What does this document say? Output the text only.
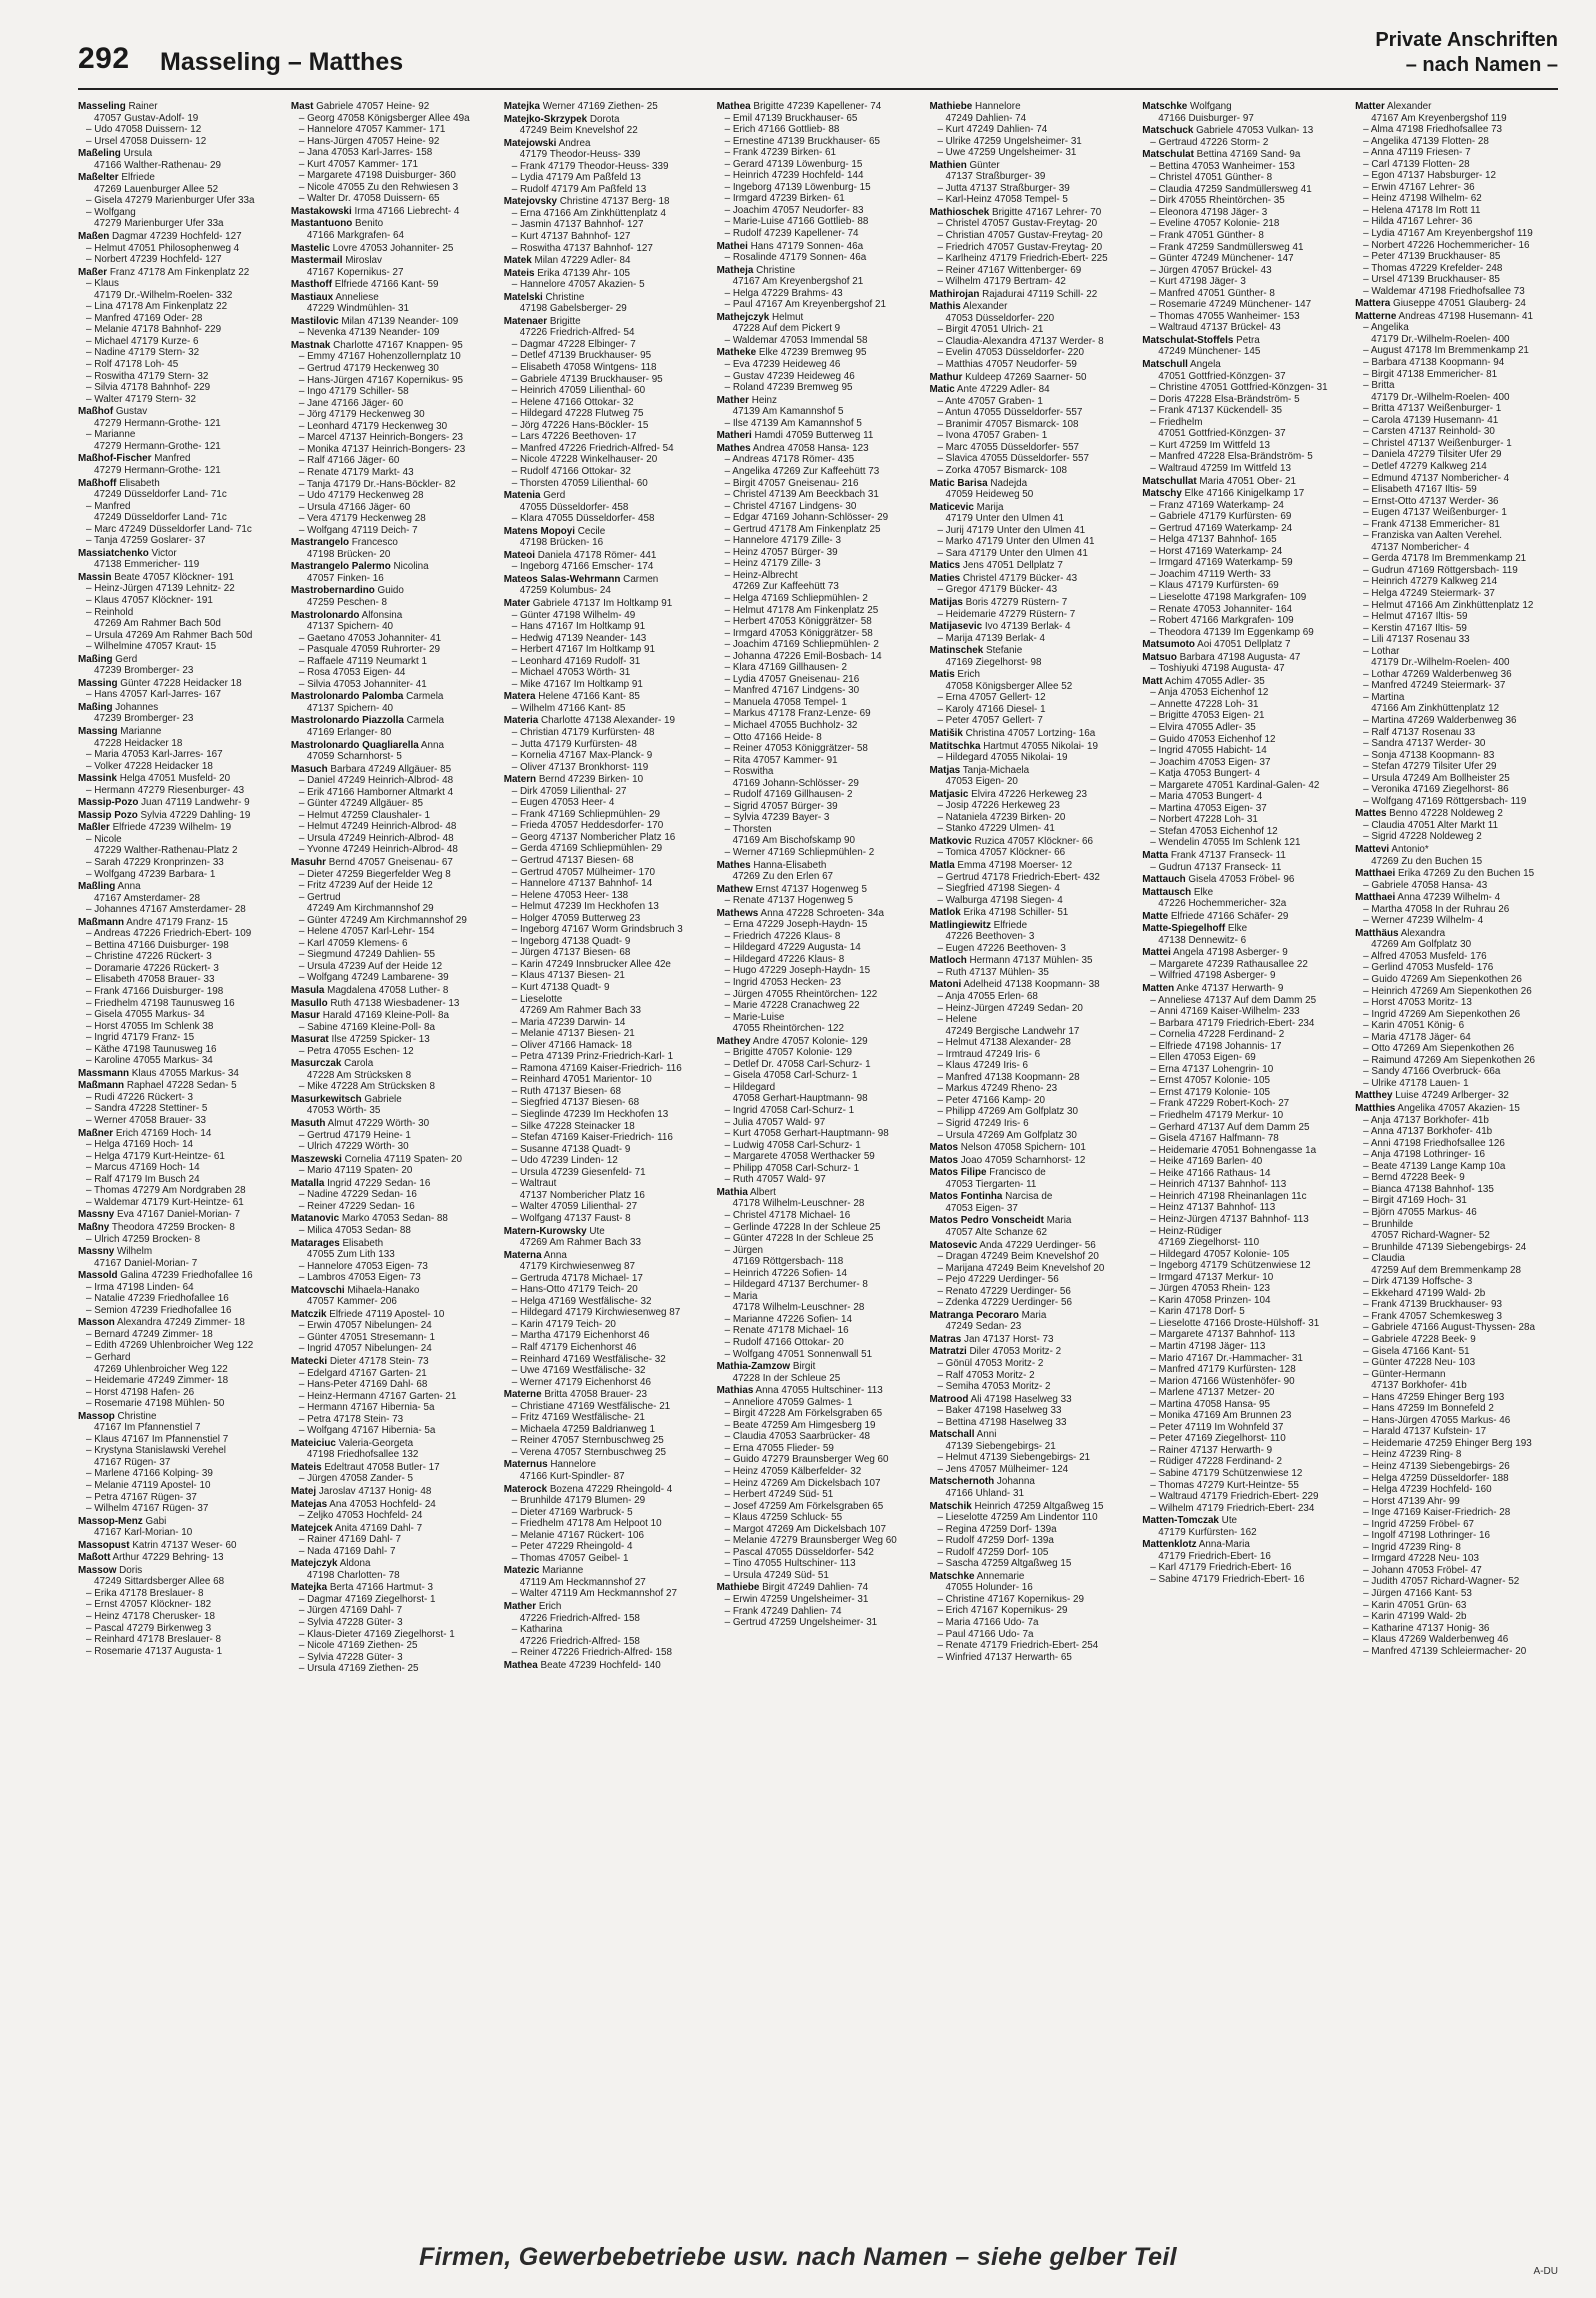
292 Masseling – Matthes
Private Anschriften
– nach Namen –
Masseling Rainer
47057 Gustav-Adolf- 19
– Udo 47058 Duissern- 12
– Ursel 47058 Duissern- 12
Maßeling Ursula
47166 Walther-Rathenau- 29
Maßelter Elfriede
47269 Lauenburger Allee 52
– Gisela 47279 Marienburger Ufer 33a
– Wolfgang
47279 Marienburger Ufer 33a
Maßen Dagmar 47239 Hochfeld- 127
– Helmut 47051 Philosophenweg 4
– Norbert 47239 Hochfeld- 127
Maßer Franz 47178 Am Finkenplatz 22
– Klaus
47179 Dr.-Wilhelm-Roelen- 332
– Lina 47178 Am Finkenplatz 22
– Manfred 47169 Oder- 28
– Melanie 47178 Bahnhof- 229
– Michael 47179 Kurze- 6
– Nadine 47179 Stern- 32
– Rolf 47178 Loh- 45
– Roswitha 47179 Stern- 32
– Silvia 47178 Bahnhof- 229
– Walter 47179 Stern- 32
Maßhof Gustav
47279 Hermann-Grothe- 121
– Marianne
47279 Hermann-Grothe- 121
Maßhof-Fischer Manfred
47279 Hermann-Grothe- 121
Maßhoff Elisabeth
47249 Düsseldorfer Land- 71c
– Manfred
47249 Düsseldorfer Land- 71c
– Marc 47249 Düsseldorfer Land- 71c
– Tanja 47259 Goslarer- 37
Massiatchenko Victor
47138 Emmericher- 119
Massin Beate 47057 Klöckner- 191
– Heinz-Jürgen 47139 Lehnitz- 22
– Klaus 47057 Klöckner- 191
– Reinhold
47269 Am Rahmer Bach 50d
– Ursula 47269 Am Rahmer Bach 50d
– Wilhelmine 47057 Kraut- 15
Maßing Gerd
47239 Bromberger- 23
Massing Günter 47228 Heidacker 18
– Hans 47057 Karl-Jarres- 167
Maßing Johannes
47239 Bromberger- 23
Massing Marianne
47228 Heidacker 18
– Maria 47053 Karl-Jarres- 167
– Volker 47228 Heidacker 18
Massink Helga 47051 Musfeld- 20
– Hermann 47279 Riesenburger- 43
Massip-Pozo Juan 47119 Landwehr- 9
Massip Pozo Sylvia 47229 Dahling- 19
Maßler Elfriede 47239 Wilhelm- 19
– Nicole
47229 Walther-Rathenau-Platz 2
– Sarah 47229 Kronprinzen- 33
– Wolfgang 47239 Barbara- 1
Maßling Anna
47167 Amsterdamer- 28
– Johannes 47167 Amsterdamer- 28
Maßmann Andre 47179 Franz- 15
– Andreas 47226 Friedrich-Ebert- 109
– Bettina 47166 Duisburger- 198
– Christine 47226 Rückert- 3
– Doramarie 47226 Rückert- 3
– Elisabeth 47058 Brauer- 33
– Frank 47166 Duisburger- 198
– Friedhelm 47198 Taunusweg 16
– Gisela 47055 Markus- 34
– Horst 47055 Im Schlenk 38
– Ingrid 47179 Franz- 15
– Käthe 47198 Taunusweg 16
– Karoline 47055 Markus- 34
Massmann Klaus 47055 Markus- 34
Maßmann Raphael 47228 Sedan- 5
– Rudi 47226 Rückert- 3
– Sandra 47228 Stettiner- 5
– Werner 47058 Brauer- 33
Maßner Erich 47169 Hoch- 14
– Helga 47169 Hoch- 14
– Helga 47179 Kurt-Heintze- 61
– Marcus 47169 Hoch- 14
– Ralf 47179 Im Busch 24
– Thomas 47279 Am Nordgraben 28
– Waldemar 47179 Kurt-Heintze- 61
Massny Eva 47167 Daniel-Morian- 7
Maßny Theodora 47259 Brocken- 8
– Ulrich 47259 Brocken- 8
Massny Wilhelm
47167 Daniel-Morian- 7
Massold Galina 47239 Friedhofallee 16
– Irma 47198 Linden- 64
– Natalie 47239 Friedhofallee 16
– Semion 47239 Friedhofallee 16
Masson Alexandra 47249 Zimmer- 18
– Bernard 47249 Zimmer- 18
– Edith 47269 Uhlenbroicher Weg 122
– Gerhard
47269 Uhlenbroicher Weg 122
– Heidemarie 47249 Zimmer- 18
– Horst 47198 Hafen- 26
– Rosemarie 47198 Mühlen- 50
Massop Christine
47167 Im Pfannenstiel 7
– Klaus 47167 Im Pfannenstiel 7
– Krystyna Stanislawski Verehel
47167 Rügen- 37
– Marlene 47166 Kolping- 39
– Melanie 47119 Apostel- 10
– Petra 47167 Rügen- 37
– Wilhelm 47167 Rügen- 37
Massop-Menz Gabi
47167 Karl-Morian- 10
Massopust Katrin 47137 Weser- 60
Maßott Arthur 47229 Behring- 13
Massow Doris
47249 Sittardsberger Allee 68
– Erika 47178 Breslauer- 8
– Ernst 47057 Klöckner- 182
– Heinz 47178 Cherusker- 18
– Pascal 47279 Birkenweg 3
– Reinhard 47178 Breslauer- 8
– Rosemarie 47137 Augusta- 1
Mast Gabriele 47057 Heine- 92
– Georg 47058 Königsberger Allee 49a
– Hannelore 47057 Kammer- 171
– Hans-Jürgen 47057 Heine- 92
– Jana 47053 Karl-Jarres- 158
– Kurt 47057 Kammer- 171
– Margarete 47198 Duisburger- 360
– Nicole 47055 Zu den Rehwiesen 3
– Walter Dr. 47058 Duissern- 65
Mastakowski Irma 47166 Liebrecht- 4
Mastantuono Benito
47166 Markgrafen- 64
Mastelic Lovre 47053 Johanniter- 25
Mastermail Miroslav
47167 Kopernikus- 27
Masthoff Elfriede 47166 Kant- 59
Mastiaux Anneliese
47229 Windmühlen- 31
Mastilovic Milan 47139 Neander- 109
– Nevenka 47139 Neander- 109
Mastnak Charlotte 47167 Knappen- 95
– Emmy 47167 Hohenzollernplatz 10
– Gertrud 47179 Heckenweg 30
– Hans-Jürgen 47167 Kopernikus- 95
– Ingo 47179 Schiller- 58
– Jane 47166 Jäger- 60
– Jörg 47179 Heckenweg 30
– Leonhard 47179 Heckenweg 30
– Marcel 47137 Heinrich-Bongers- 23
– Monika 47137 Heinrich-Bongers- 23
– Ralf 47166 Jäger- 60
– Renate 47179 Markt- 43
– Tanja 47179 Dr.-Hans-Böckler- 82
– Udo 47179 Heckenweg 28
– Ursula 47166 Jäger- 60
– Vera 47179 Heckenweg 28
– Wolfgang 47119 Deich- 7
Mastrangelo Francesco
47198 Brücken- 20
Mastrangelo Palermo Nicolina
47057 Finken- 16
Mastrobernardino Guido
47259 Peschen- 8
Mastrolonardo Alfonsina
47137 Spichern- 40
– Gaetano 47053 Johanniter- 41
– Pasquale 47059 Ruhrorter- 29
– Raffaele 47119 Neumarkt 1
– Rosa 47053 Eigen- 44
– Silvia 47053 Johanniter- 41
Mastrolonardo Palomba Carmela
47137 Spichern- 40
Mastrolonardo Piazzolla Carmela
47169 Erlanger- 80
Mastrolonardo Quagliarella Anna
47059 Scharnhorst- 5
Masuch Barbara 47249 Allgäuer- 85
– Daniel 47249 Heinrich-Albrod- 48
– Erik 47166 Hamborner Altmarkt 4
– Günter 47249 Allgäuer- 85
– Helmut 47259 Claushaler- 1
– Helmut 47249 Heinrich-Albrod- 48
– Ursula 47249 Heinrich-Albrod- 48
– Yvonne 47249 Heinrich-Albrod- 48
Masuhr Bernd 47057 Gneisenau- 67
– Dieter 47259 Biegerfelder Weg 8
– Fritz 47239 Auf der Heide 12
– Gertrud
47249 Am Kirchmannshof 29
– Günter 47249 Am Kirchmannshof 29
– Helene 47057 Karl-Lehr- 154
– Karl 47059 Klemens- 6
– Siegmund 47249 Dahlien- 55
– Ursula 47239 Auf der Heide 12
– Wolfgang 47249 Lambarene- 39
Masula Magdalena 47058 Luther- 8
Masullo Ruth 47138 Wiesbadener- 13
Masur Harald 47169 Kleine-Poll- 8a
– Sabine 47169 Kleine-Poll- 8a
Masurat Ilse 47259 Spicker- 13
– Petra 47055 Eschen- 12
Masurczak Carola
47228 Am Strücksken 8
– Mike 47228 Am Strücksken 8
Masurkewitsch Gabriele
47053 Wörth- 35
Masuth Almut 47229 Wörth- 30
– Gertrud 47179 Heine- 1
– Ulrich 47229 Wörth- 30
Maszewski Cornelia 47119 Spaten- 20
– Mario 47119 Spaten- 20
Matalla Ingrid 47229 Sedan- 16
– Nadine 47229 Sedan- 16
– Reiner 47229 Sedan- 16
Matanovic Marko 47053 Sedan- 88
– Milica 47053 Sedan- 88
Matarages Elisabeth
47055 Zum Lith 133
– Hannelore 47053 Eigen- 73
– Lambros 47053 Eigen- 73
Matcovschi Mihaela-Hanako
47057 Kammer- 206
Matczik Elfriede 47119 Apostel- 10
– Erwin 47057 Nibelungen- 24
– Günter 47051 Stresemann- 1
– Ingrid 47057 Nibelungen- 24
Matecki Dieter 47178 Stein- 73
– Edelgard 47167 Garten- 21
– Hans-Peter 47169 Dahl- 68
– Heinz-Hermann 47167 Garten- 21
– Hermann 47167 Hibernia- 5a
– Petra 47178 Stein- 73
– Wolfgang 47167 Hibernia- 5a
Mateiciuc Valeria-Georgeta
47198 Friedhofsallee 132
Mateis Edeltraut 47058 Butler- 17
– Jürgen 47058 Zander- 5
Matej Jaroslav 47137 Honig- 48
Matejas Ana 47053 Hochfeld- 24
– Zeljko 47053 Hochfeld- 24
Matejcek Anita 47169 Dahl- 7
– Rainer 47169 Dahl- 7
– Nada 47169 Dahl- 7
Matejczyk Aldona
47198 Charlotten- 78
Matejka Berta 47166 Hartmut- 3
– Dagmar 47169 Ziegelhorst- 1
– Jürgen 47169 Dahl- 7
– Sylvia 47228 Güter- 3
– Klaus-Dieter 47169 Ziegelhorst- 1
– Nicole 47169 Ziethen- 25
– Sylvia 47228 Güter- 3
– Ursula 47169 Ziethen- 25
Matejka Werner 47169 Ziethen- 25
Matejko-Skrzypek Dorota
47249 Beim Knevelshof 22
Matejowski Andrea
47179 Theodor-Heuss- 339
– Frank 47179 Theodor-Heuss- 339
– Lydia 47179 Am Paßfeld 13
– Rudolf 47179 Am Paßfeld 13
Matejovsky Christine 47137 Berg- 18
– Erna 47166 Am Zinkhüttenplatz 4
– Jasmin 47137 Bahnhof- 127
– Kurt 47137 Bahnhof- 127
– Roswitha 47137 Bahnhof- 127
Matek Milan 47229 Adler- 84
Mateis Erika 47139 Ahr- 105
– Hannelore 47057 Akazien- 5
Matelski Christine
47198 Gabelsberger- 29
Matenaer Brigitte
47226 Friedrich-Alfred- 54
– Dagmar 47228 Elbinger- 7
– Detlef 47139 Bruckhauser- 95
– Elisabeth 47058 Wintgens- 118
– Gabriele 47139 Bruckhauser- 95
– Heinrich 47059 Lilienthal- 60
– Helene 47166 Ottokar- 32
– Hildegard 47228 Flutweg 75
– Jörg 47226 Hans-Böckler- 15
– Lars 47226 Beethoven- 17
– Manfred 47226 Friedrich-Alfred- 54
– Nicole 47228 Winkelhauser- 20
– Rudolf 47166 Ottokar- 32
– Thorsten 47059 Lilienthal- 60
Matenia Gerd
47055 Düsseldorfer- 458
– Klara 47055 Düsseldorfer- 458
Matens Mopoyi Cecile
47198 Brücken- 16
Mateoi Daniela 47178 Römer- 441
– Ingeborg 47166 Emscher- 174
Mateos Salas-Wehrmann Carmen
47259 Kolumbus- 24
Mater Gabriele 47137 Im Holtkamp 91
– Günter 47198 Wilhelm- 49
– Hans 47167 Im Holtkamp 91
– Hedwig 47139 Neander- 143
– Herbert 47167 Im Holtkamp 91
– Leonhard 47169 Rudolf- 31
– Michael 47053 Wörth- 31
– Mike 47167 Im Holtkamp 91
Matera Helene 47166 Kant- 85
– Wilhelm 47166 Kant- 85
Materia Charlotte 47138 Alexander- 19
– Christian 47179 Kurfürsten- 48
– Jutta 47179 Kurfürsten- 48
– Kornelia 47167 Max-Planck- 9
– Oliver 47137 Bronkhorst- 119
Matern Bernd 47239 Birken- 10
– Dirk 47059 Lilienthal- 27
– Eugen 47053 Heer- 4
– Frank 47169 Schliepmühlen- 29
– Frieda 47057 Heddesdorfer- 170
– Georg 47137 Nombericher Platz 16
– Gerda 47169 Schliepmühlen- 29
– Gertrud 47137 Biesen- 68
– Gertrud 47057 Mülheimer- 170
– Hannelore 47137 Bahnhof- 14
– Helene 47053 Heer- 138
– Helmut 47239 Im Heckhofen 13
– Holger 47059 Butterweg 23
– Ingeborg 47167 Worm Grindsbruch 3
– Ingeborg 47138 Quadt- 9
– Jürgen 47137 Biesen- 68
– Karin 47249 Innsbrucker Allee 42e
– Klaus 47137 Biesen- 21
– Kurt 47138 Quadt- 9
– Lieselotte
47269 Am Rahmer Bach 33
– Maria 47239 Darwin- 14
– Melanie 47137 Biesen- 21
– Oliver 47166 Hamack- 18
– Petra 47139 Prinz-Friedrich-Karl- 1
– Ramona 47169 Kaiser-Friedrich- 116
– Reinhard 47051 Marientor- 10
– Ruth 47137 Biesen- 68
– Siegfried 47137 Biesen- 68
– Sieglinde 47239 Im Heckhofen 13
– Silke 47228 Steinacker 18
– Stefan 47169 Kaiser-Friedrich- 116
– Susanne 47138 Quadt- 9
– Udo 47239 Linden- 12
– Ursula 47239 Giesenfeld- 71
– Waltraut
47137 Nombericher Platz 16
– Walter 47059 Lilienthal- 27
– Wolfgang 47137 Faust- 8
Matern-Kurowsky Ute
47269 Am Rahmer Bach 33
Materna Anna
47179 Kirchwiesenweg 87
– Gertruda 47178 Michael- 17
– Hans-Otto 47179 Teich- 20
– Helga 47169 Westfälische- 32
– Hildegard 47179 Kirchwiesenweg 87
– Karin 47179 Teich- 20
– Martha 47179 Eichenhorst 46
– Ralf 47179 Eichenhorst 46
– Reinhard 47169 Westfälische- 32
– Uwe 47169 Westfälische- 32
– Werner 47179 Eichenhorst 46
Materne Britta 47058 Brauer- 23
– Christiane 47169 Westfälische- 21
– Fritz 47169 Westfälische- 21
– Michaela 47259 Baldrianweg 1
– Reiner 47057 Sternbuschweg 25
– Verena 47057 Sternbuschweg 25
Maternus Hannelore
47166 Kurt-Spindler- 87
Materock Bozena 47229 Rheingold- 4
– Brunhilde 47179 Blumen- 29
– Dieter 47169 Warbruck- 5
– Friedhelm 47178 Am Helpoot 10
– Melanie 47167 Rückert- 106
– Peter 47229 Rheingold- 4
– Thomas 47057 Geibel- 1
Matezic Marianne
47119 Am Heckmannshof 27
– Walter 47119 Am Heckmannshof 27
Mather Erich
47226 Friedrich-Alfred- 158
– Katharina
47226 Friedrich-Alfred- 158
– Reiner 47226 Friedrich-Alfred- 158
Mathea Beate 47239 Hochfeld- 140
Mathea Brigitte 47239 Kapellener- 74
– Emil 47139 Bruckhauser- 65
– Erich 47166 Gottlieb- 88
– Ernestine 47139 Bruckhauser- 65
– Frank 47239 Birken- 61
– Gerard 47139 Löwenburg- 15
– Heinrich 47239 Hochfeld- 144
– Ingeborg 47139 Löwenburg- 15
– Irmgard 47239 Birken- 61
– Joachim 47057 Neudorfer- 83
– Marie-Luise 47166 Gottlieb- 88
– Rudolf 47239 Kapellener- 74
Mathei Hans 47179 Sonnen- 46a
– Rosalinde 47179 Sonnen- 46a
Matheja Christine
47167 Am Kreyenbergshof 21
– Helga 47229 Brahms- 43
– Paul 47167 Am Kreyenbergshof 21
Mathejczyk Helmut
47228 Auf dem Pickert 9
– Waldemar 47053 Immendal 58
Matheke Elke 47239 Bremweg 95
– Eva 47239 Heideweg 46
– Gustav 47239 Heideweg 46
– Roland 47239 Bremweg 95
Mather Heinz
47139 Am Kamannshof 5
– Ilse 47139 Am Kamannshof 5
Matheri Hamdi 47059 Butterweg 11
Mathes Andrea 47058 Hansa- 123
– Andreas 47178 Römer- 435
– Angelika 47269 Zur Kaffeehütt 73
– Birgit 47057 Gneisenau- 216
– Christel 47139 Am Beeckbach 31
– Christel 47167 Lindgens- 30
– Edgar 47169 Johann-Schlösser- 29
– Gertrud 47178 Am Finkenplatz 25
– Hannelore 47179 Zille- 3
– Heinz 47057 Bürger- 39
– Heinz 47179 Zille- 3
– Heinz-Albrecht
47269 Zur Kaffeehütt 73
– Helga 47169 Schliepmühlen- 2
– Helmut 47178 Am Finkenplatz 25
– Herbert 47053 Königgrätzer- 58
– Irmgard 47053 Königgrätzer- 58
– Joachim 47169 Schliepmühlen- 2
– Johanna 47226 Emil-Bosbach- 14
– Klara 47169 Gillhausen- 2
– Lydia 47057 Gneisenau- 216
– Manfred 47167 Lindgens- 30
– Manuela 47058 Tempel- 1
– Markus 47178 Franz-Lenze- 69
– Michael 47055 Buchholz- 32
– Otto 47166 Heide- 8
– Reiner 47053 Königgrätzer- 58
– Rita 47057 Kammer- 91
– Roswitha
47169 Johann-Schlösser- 29
– Rudolf 47169 Gillhausen- 2
– Sigrid 47057 Bürger- 39
– Sylvia 47239 Bayer- 3
– Thorsten
47169 Am Bischofskamp 90
– Werner 47169 Schliepmühlen- 2
Mathes Hanna-Elisabeth
47269 Zu den Erlen 67
Mathew Ernst 47137 Hogenweg 5
– Renate 47137 Hogenweg 5
Mathews Anna 47228 Schroeten- 34a
– Erna 47229 Joseph-Haydn- 15
– Friedrich 47226 Klaus- 8
– Hildegard 47229 Augusta- 14
– Hildegard 47226 Klaus- 8
– Hugo 47229 Joseph-Haydn- 15
– Ingrid 47053 Hecken- 23
– Jürgen 47055 Rheintörchen- 122
– Marie 47228 Cranachweg 22
– Marie-Luise
47055 Rheintörchen- 122
Mathey Andre 47057 Kolonie- 129
– Brigitte 47057 Kolonie- 129
– Detlef Dr. 47058 Carl-Schurz- 1
– Gisela 47058 Carl-Schurz- 1
– Hildegard
47058 Gerhart-Hauptmann- 98
– Ingrid 47058 Carl-Schurz- 1
– Julia 47057 Wald- 97
– Kurt 47058 Gerhart-Hauptmann- 98
– Ludwig 47058 Carl-Schurz- 1
– Margarete 47058 Werthacker 59
– Philipp 47058 Carl-Schurz- 1
– Ruth 47057 Wald- 97
Mathia Albert
47178 Wilhelm-Leuschner- 28
– Christel 47178 Michael- 16
– Gerlinde 47228 In der Schleue 25
– Günter 47228 In der Schleue 25
– Jürgen
47169 Röttgersbach- 118
– Heinrich 47226 Sofien- 14
– Hildegard 47137 Berchumer- 8
– Maria
47178 Wilhelm-Leuschner- 28
– Marianne 47226 Sofien- 14
– Renate 47178 Michael- 16
– Rudolf 47166 Ottokar- 20
– Wolfgang 47051 Sonnenwall 51
Mathia-Zamzow Birgit
47228 In der Schleue 25
Mathias Anna 47055 Hultschiner- 113
– Anneliore 47059 Galmes- 1
– Birgit 47228 Am Förkelsgraben 65
– Beate 47259 Am Himgesberg 19
– Claudia 47053 Saarbrücker- 48
– Erna 47055 Flieder- 59
– Guido 47279 Braunsberger Weg 60
– Heinz 47059 Kälberfelder- 32
– Heinz 47269 Am Dickelsbach 107
– Herbert 47249 Süd- 51
– Josef 47259 Am Förkelsgraben 65
– Klaus 47259 Schluck- 55
– Margot 47269 Am Dickelsbach 107
– Melanie 47279 Braunsberger Weg 60
– Pascal 47055 Düsseldorfer- 542
– Tino 47055 Hultschiner- 113
– Ursula 47249 Süd- 51
Mathiebe Birgit 47249 Dahlien- 74
– Erwin 47259 Ungelsheimer- 31
– Frank 47249 Dahlien- 74
– Gertrud 47259 Ungelsheimer- 31
Mathiebe Hannelore
47249 Dahlien- 74
– Kurt 47249 Dahlien- 74
– Ulrike 47259 Ungelsheimer- 31
– Uwe 47259 Ungelsheimer- 31
Mathien Günter
47137 Straßburger- 39
– Jutta 47137 Straßburger- 39
– Karl-Heinz 47058 Tempel- 5
Mathioschek Brigitte 47167 Lehrer- 70
– Christel 47057 Gustav-Freytag- 20
– Christian 47057 Gustav-Freytag- 20
– Friedrich 47057 Gustav-Freytag- 20
– Karlheinz 47179 Friedrich-Ebert- 225
– Reiner 47167 Wittenberger- 69
– Wilhelm 47179 Bertram- 42
Mathirojan Rajadurai 47119 Schill- 22
Mathis Alexander
47053 Düsseldorfer- 220
– Birgit 47051 Ulrich- 21
– Claudia-Alexandra 47137 Werder- 8
– Evelin 47053 Düsseldorfer- 220
– Matthias 47057 Neudorfer- 59
Mathur Kuldeep 47269 Saarner- 50
Matic Ante 47229 Adler- 84
– Ante 47057 Graben- 1
– Antun 47055 Düsseldorfer- 557
– Branimir 47057 Bismarck- 108
– Ivona 47057 Graben- 1
– Marc 47055 Düsseldorfer- 557
– Slavica 47055 Düsseldorfer- 557
– Zorka 47057 Bismarck- 108
Matic Barisa Nadejda
47059 Heideweg 50
Maticevic Marija
47179 Unter den Ulmen 41
– Jurij 47179 Unter den Ulmen 41
– Marko 47179 Unter den Ulmen 41
– Sara 47179 Unter den Ulmen 41
Matics Jens 47051 Dellplatz 7
Maties Christel 47179 Bücker- 43
– Gregor 47179 Bücker- 43
Matijas Boris 47279 Rüstern- 7
– Heidemarie 47279 Rüstern- 7
Matijasevic Ivo 47139 Berlak- 4
– Marija 47139 Berlak- 4
Matinschek Stefanie
47169 Ziegelhorst- 98
Matis Erich
47058 Königsberger Allee 52
– Erna 47057 Gellert- 12
– Karoly 47166 Diesel- 1
– Peter 47057 Gellert- 7
Matišik Christina 47057 Lortzing- 16a
Matitschka Hartmut 47055 Nikolai- 19
– Hildegard 47055 Nikolai- 19
Matjas Tanja-Michaela
47053 Eigen- 20
Matjasic Elvira 47226 Herkeweg 23
– Josip 47226 Herkeweg 23
– Nataniela 47239 Birken- 20
– Stanko 47229 Ulmen- 41
Matkovic Ruzica 47057 Klöckner- 66
– Tomica 47057 Klöckner- 66
Matla Emma 47198 Moerser- 12
– Gertrud 47178 Friedrich-Ebert- 432
– Siegfried 47198 Siegen- 4
– Walburga 47198 Siegen- 4
Matlok Erika 47198 Schiller- 51
Matlingiewitz Elfriede
47226 Beethoven- 3
– Eugen 47226 Beethoven- 3
Matloch Hermann 47137 Mühlen- 35
– Ruth 47137 Mühlen- 35
Matoni Adelheid 47138 Koopmann- 38
– Anja 47055 Erlen- 68
– Heinz-Jürgen 47249 Sedan- 20
– Helene
47249 Bergische Landwehr 17
– Helmut 47138 Alexander- 28
– Irmtraud 47249 Iris- 6
– Klaus 47249 Iris- 6
– Manfred 47138 Koopmann- 28
– Markus 47249 Rheno- 23
– Peter 47166 Kamp- 20
– Philipp 47269 Am Golfplatz 30
– Sigrid 47249 Iris- 6
– Ursula 47269 Am Golfplatz 30
Matos Nelson 47058 Spichern- 101
Matos Joao 47059 Scharnhorst- 12
Matos Filipe Francisco de
47053 Tiergarten- 11
Matos Fontinha Narcisa de
47053 Eigen- 37
Matos Pedro Vonscheidt Maria
47057 Alte Schanze 62
Matosevic Anda 47229 Uerdinger- 56
– Dragan 47249 Beim Knevelshof 20
– Marijana 47249 Beim Knevelshof 20
– Pejo 47229 Uerdinger- 56
– Renato 47229 Uerdinger- 56
– Zdenka 47229 Uerdinger- 56
Matranga Pecoraro Maria
47249 Sedan- 23
Matras Jan 47137 Horst- 73
Matratzi Diler 47053 Moritz- 2
– Gönül 47053 Moritz- 2
– Ralf 47053 Moritz- 2
– Semiha 47053 Moritz- 2
Matrood Ali 47198 Haselweg 33
– Baker 47198 Haselweg 33
– Bettina 47198 Haselweg 33
Matschall Anni
47139 Siebengebirgs- 21
– Helmut 47139 Siebengebirgs- 21
– Jens 47057 Mülheimer- 124
Matschernoth Johanna
47166 Uhland- 31
Matschik Heinrich 47259 Altgaßweg 15
– Lieselotte 47259 Am Lindentor 110
– Regina 47259 Dorf- 139a
– Rudolf 47259 Dorf- 139a
– Rudolf 47259 Dorf- 105
– Sascha 47259 Altgaßweg 15
Matschke Annemarie
47055 Holunder- 16
– Christine 47167 Kopernikus- 29
– Erich 47167 Kopernikus- 29
– Maria 47166 Udo- 7a
– Paul 47166 Udo- 7a
– Renate 47179 Friedrich-Ebert- 254
– Winfried 47137 Herwarth- 65
Matschke Wolfgang
47166 Duisburger- 97
Matschuck Gabriele 47053 Vulkan- 13
– Gertraud 47226 Storm- 2
Matschulat Bettina 47169 Sand- 9a
– Bettina 47053 Wanheimer- 153
– Christel 47051 Günther- 8
– Claudia 47259 Sandmüllersweg 41
– Dirk 47055 Rheintörchen- 35
– Eleonora 47198 Jäger- 3
– Eveline 47057 Kolonie- 218
– Frank 47051 Günther- 8
– Frank 47259 Sandmüllersweg 41
– Günter 47249 Münchener- 147
– Jürgen 47057 Brückel- 43
– Kurt 47198 Jäger- 3
– Manfred 47051 Günther- 8
– Rosemarie 47249 Münchener- 147
– Thomas 47055 Wanheimer- 153
– Waltraud 47137 Brückel- 43
Matschulat-Stoffels Petra
47249 Münchener- 145
Matschull Angela
47051 Gottfried-Könzgen- 37
– Christine 47051 Gottfried-Könzgen- 31
– Doris 47228 Elsa-Brändström- 5
– Frank 47137 Kückendell- 35
– Friedhelm
47051 Gottfried-Könzgen- 37
– Kurt 47259 Im Wittfeld 13
– Manfred 47228 Elsa-Brändström- 5
– Waltraud 47259 Im Wittfeld 13
Matschullat Maria 47051 Ober- 21
Matschy Elke 47166 Kinigelkamp 17
– Franz 47169 Waterkamp- 24
– Gabriele 47179 Kurfürsten- 69
– Gertrud 47169 Waterkamp- 24
– Helga 47137 Bahnhof- 165
– Horst 47169 Waterkamp- 24
– Irmgard 47169 Waterkamp- 59
– Joachim 47119 Werth- 33
– Klaus 47179 Kurfürsten- 69
– Lieselotte 47198 Markgrafen- 109
– Renate 47053 Johanniter- 164
– Robert 47166 Markgrafen- 109
– Theodora 47139 Im Eggenkamp 69
Matsumoto Aoi 47051 Dellplatz 7
Matsuo Barbara 47198 Augusta- 47
– Toshiyuki 47198 Augusta- 47
Matt Achim 47055 Adler- 35
– Anja 47053 Eichenhof 12
– Annette 47228 Loh- 31
– Brigitte 47053 Eigen- 21
– Elvira 47055 Adler- 35
– Guido 47053 Eichenhof 12
– Ingrid 47055 Habicht- 14
– Joachim 47053 Eigen- 37
– Katja 47053 Bungert- 4
– Margarete 47051 Kardinal-Galen- 42
– Maria 47053 Bungert- 4
– Martina 47053 Eigen- 37
– Norbert 47228 Loh- 31
– Stefan 47053 Eichenhof 12
– Wendelin 47055 Im Schlenk 121
Matta Frank 47137 Franseck- 11
– Gudrun 47137 Franseck- 11
Mattauch Gisela 47053 Fröbel- 96
Mattausch Elke
47226 Hochemmericher- 32a
Matte Elfriede 47166 Schäfer- 29
Matte-Spiegelhoff Elke
47138 Dennewitz- 6
Mattei Angela 47198 Asberger- 9
– Margarete 47239 Rathausallee 22
– Wilfried 47198 Asberger- 9
Matten Anke 47137 Herwarth- 9
– Anneliese 47137 Auf dem Damm 25
– Anni 47169 Kaiser-Wilhelm- 233
– Barbara 47179 Friedrich-Ebert- 234
– Cornelia 47228 Ferdinand- 2
– Elfriede 47198 Johannis- 17
– Ellen 47053 Eigen- 69
– Erna 47137 Lohengrin- 10
– Ernst 47057 Kolonie- 105
– Ernst 47179 Kolonie- 105
– Frank 47229 Robert-Koch- 27
– Friedhelm 47179 Merkur- 10
– Gerhard 47137 Auf dem Damm 25
– Gisela 47167 Halfmann- 78
– Heidemarie 47051 Bohnengasse 1a
– Heike 47169 Barlen- 40
– Heike 47166 Rathaus- 14
– Heinrich 47137 Bahnhof- 113
– Heinrich 47198 Rheinanlagen 11c
– Heinz 47137 Bahnhof- 113
– Heinz-Jürgen 47137 Bahnhof- 113
– Heinz-Rüdiger
47169 Ziegelhorst- 110
– Hildegard 47057 Kolonie- 105
– Ingeborg 47179 Schützenwiese 12
– Irmgard 47137 Merkur- 10
– Jürgen 47053 Rhein- 123
– Karin 47058 Prinzen- 104
– Karin 47178 Dorf- 5
– Lieselotte 47166 Droste-Hülshoff- 31
– Margarete 47137 Bahnhof- 113
– Martin 47198 Jäger- 113
– Mario 47167 Dr.-Hammacher- 31
– Manfred 47179 Kurfürsten- 128
– Marion 47166 Wüstenhöfer- 90
– Marlene 47137 Metzer- 20
– Martina 47058 Hansa- 95
– Monika 47169 Am Brunnen 23
– Peter 47119 Im Wohnfeld 37
– Peter 47169 Ziegelhorst- 110
– Rainer 47137 Herwarth- 9
– Rüdiger 47228 Ferdinand- 2
– Sabine 47179 Schützenwiese 12
– Thomas 47279 Kurt-Heintze- 55
– Waltraud 47179 Friedrich-Ebert- 229
– Wilhelm 47179 Friedrich-Ebert- 234
Matten-Tomczak Ute
47179 Kurfürsten- 162
Mattenklotz Anna-Maria
47179 Friedrich-Ebert- 16
– Karl 47179 Friedrich-Ebert- 16
– Sabine 47179 Friedrich-Ebert- 16
Matter Alexander
47167 Am Kreyenbergshof 119
– Alma 47198 Friedhofsallee 73
– Angelika 47139 Flotten- 28
– Anna 47119 Friesen- 7
– Carl 47139 Flotten- 28
– Egon 47137 Habsburger- 12
– Erwin 47167 Lehrer- 36
– Heinz 47198 Wilhelm- 62
– Helena 47178 Im Rott 11
– Hilda 47167 Lehrer- 36
– Lydia 47167 Am Kreyenbergshof 119
– Norbert 47226 Hochemmericher- 16
– Peter 47139 Bruckhauser- 85
– Thomas 47229 Krefelder- 248
– Ursel 47139 Bruckhauser- 85
– Waldemar 47198 Friedhofsallee 73
Mattera Giuseppe 47051 Glauberg- 24
Matterne Andreas 47198 Husemann- 41
– Angelika
47179 Dr.-Wilhelm-Roelen- 400
– August 47178 Im Bremmenkamp 21
– Barbara 47138 Koopmann- 94
– Birgit 47138 Emmericher- 81
– Britta
47179 Dr.-Wilhelm-Roelen- 400
– Britta 47137 Weißenburger- 1
– Carola 47139 Husemann- 41
– Carsten 47137 Reinhold- 30
– Christel 47137 Weißenburger- 1
– Daniela 47279 Tilsiter Ufer 29
– Detlef 47279 Kalkweg 214
– Edmund 47137 Nombericher- 4
– Elisabeth 47167 Iltis- 59
– Ernst-Otto 47137 Werder- 36
– Eugen 47137 Weißenburger- 1
– Frank 47138 Emmericher- 81
– Franziska van Aalten Verehel.
47137 Nombericher- 4
– Gerda 47178 Im Bremmenkamp 21
– Gudrun 47169 Röttgersbach- 119
– Heinrich 47279 Kalkweg 214
– Helga 47249 Steiermark- 37
– Helmut 47166 Am Zinkhüttenplatz 12
– Helmut 47167 Iltis- 59
– Kerstin 47167 Iltis- 59
– Lili 47137 Rosenau 33
– Lothar
47179 Dr.-Wilhelm-Roelen- 400
– Lothar 47269 Walderbenweg 36
– Manfred 47249 Steiermark- 37
– Martina
47166 Am Zinkhüttenplatz 12
– Martina 47269 Walderbenweg 36
– Ralf 47137 Rosenau 33
– Sandra 47137 Werder- 30
– Sonja 47138 Koopmann- 83
– Stefan 47279 Tilsiter Ufer 29
– Ursula 47249 Am Bollheister 25
– Veronika 47169 Ziegelhorst- 86
– Wolfgang 47169 Röttgersbach- 119
Mattes Benno 47228 Noldeweg 2
– Claudia 47051 Alter Markt 11
– Sigrid 47228 Noldeweg 2
Mattevi Antonio*
47269 Zu den Buchen 15
Matthaei Erika 47269 Zu den Buchen 15
– Gabriele 47058 Hansa- 43
Matthaei Anna 47239 Wilhelm- 4
– Martha 47058 In der Ruhrau 26
– Werner 47239 Wilhelm- 4
Matthäus Alexandra
47269 Am Golfplatz 30
– Alfred 47053 Musfeld- 176
– Gerlind 47053 Musfeld- 176
– Guido 47269 Am Siepenkothen 26
– Heinrich 47269 Am Siepenkothen 26
– Horst 47053 Moritz- 13
– Ingrid 47269 Am Siepenkothen 26
– Karin 47051 König- 6
– Maria 47178 Jäger- 64
– Otto 47269 Am Siepenkothen 26
– Raimund 47269 Am Siepenkothen 26
– Sandy 47166 Overbruck- 66a
– Ulrike 47178 Lauen- 1
Matthey Luise 47249 Arlberger- 32
Matthies Angelika 47057 Akazien- 15
– Anja 47137 Borkhofer- 41b
– Anna 47137 Borkhofer- 41b
– Anni 47198 Friedhofsallee 126
– Anja 47198 Lothringer- 16
– Beate 47139 Lange Kamp 10a
– Bernd 47228 Beek- 9
– Bianca 47138 Bahnhof- 135
– Birgit 47169 Hoch- 31
– Björn 47055 Markus- 46
– Brunhilde
47057 Richard-Wagner- 52
– Brunhilde 47139 Siebengebirgs- 24
– Claudia
47259 Auf dem Bremmenkamp 28
– Dirk 47139 Hoffsche- 3
– Ekkehard 47199 Wald- 2b
– Frank 47139 Bruckhauser- 93
– Frank 47057 Schemkesweg 3
– Gabriele 47166 August-Thyssen- 28a
– Gabriele 47228 Beek- 9
– Gisela 47166 Kant- 51
– Günter 47228 Neu- 103
– Günter-Hermann
47137 Borkhofer- 41b
– Hans 47259 Ehinger Berg 193
– Hans 47259 Im Bonnefeld 2
– Hans-Jürgen 47055 Markus- 46
– Harald 47137 Kufstein- 17
– Heidemarie 47259 Ehinger Berg 193
– Heinz 47239 Ring- 8
– Heinz 47139 Siebengebirgs- 26
– Helga 47259 Düsseldorfer- 188
– Helga 47239 Hochfeld- 160
– Horst 47139 Ahr- 99
– Inge 47169 Kaiser-Friedrich- 28
– Ingrid 47259 Fröbel- 67
– Ingolf 47198 Lothringer- 16
– Ingrid 47239 Ring- 8
– Irmgard 47228 Neu- 103
– Johann 47053 Fröbel- 47
– Judith 47057 Richard-Wagner- 52
– Jürgen 47166 Kant- 53
– Karin 47051 Grün- 63
– Karin 47199 Wald- 2b
– Katharine 47137 Honig- 36
– Klaus 47269 Walderbenweg 46
– Manfred 47139 Schleiermacher- 20
Firmen, Gewerbebetriebe usw. nach Namen – siehe gelber Teil
A-DU
